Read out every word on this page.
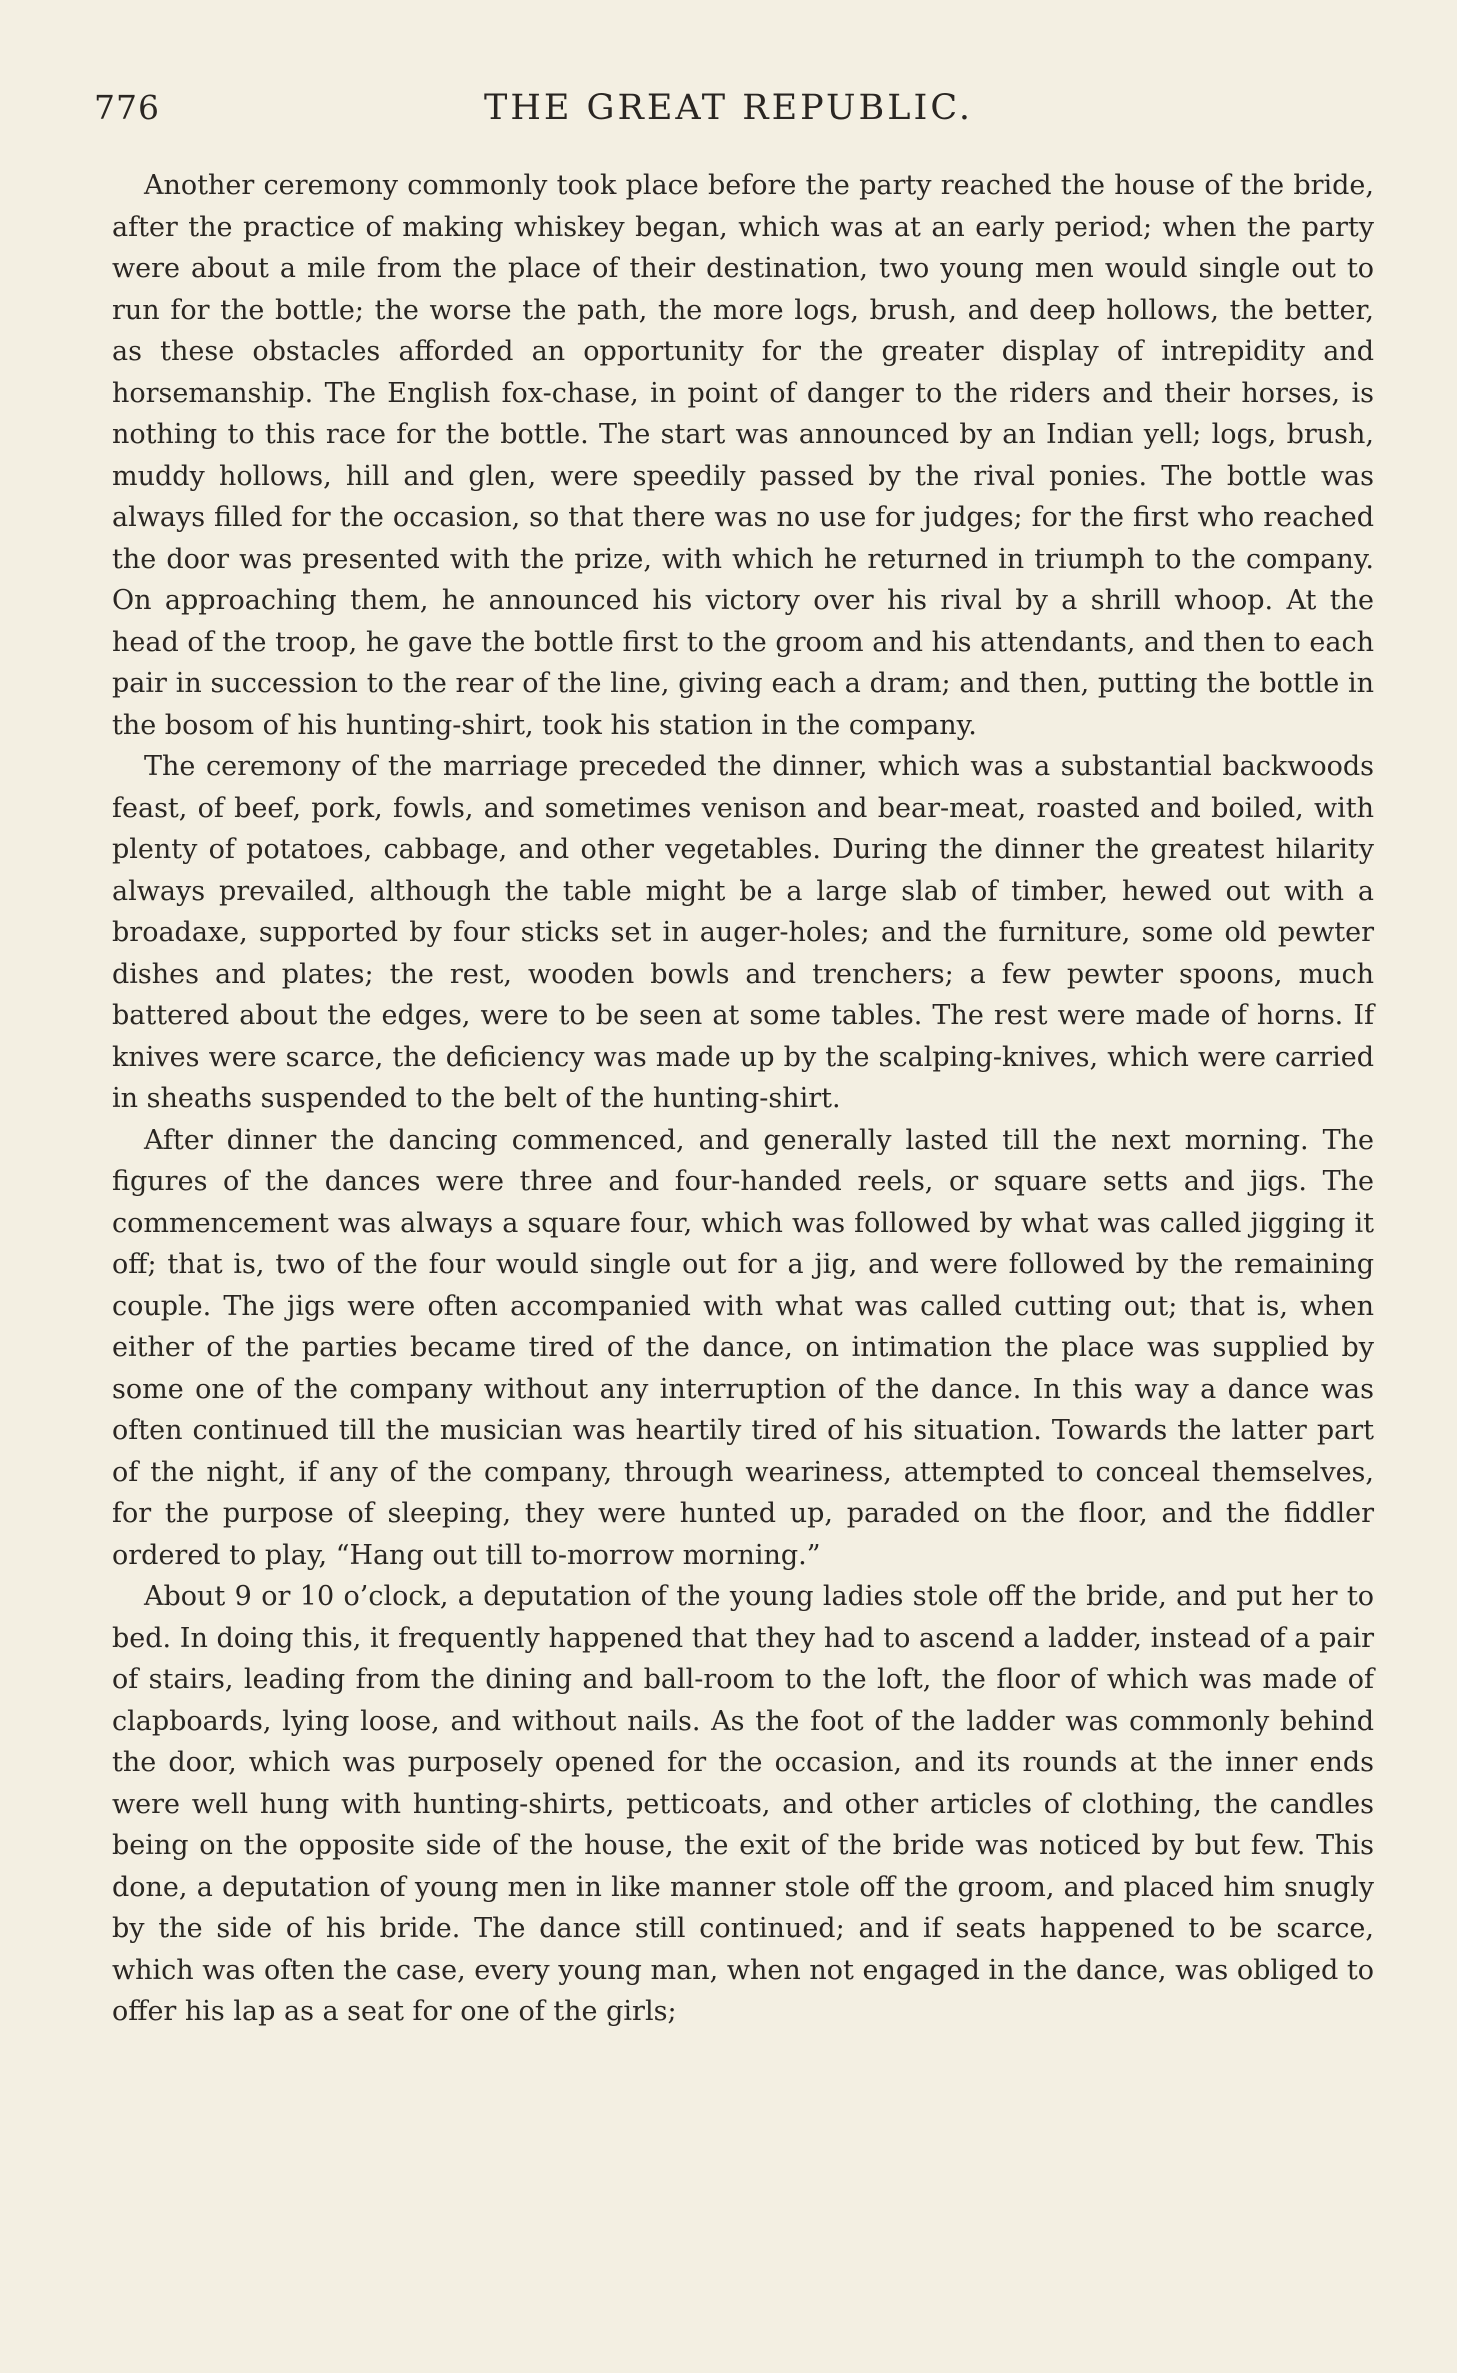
776	THE GREAT REPUBLIC.

Another ceremony commonly took place before the party reached the house of the bride, after the practice of making whiskey began, which was at an early period; when the party were about a mile from the place of their destination, two young men would single out to run for the bottle; the worse the path, the more logs, brush, and deep hollows, the better, as these obstacles afforded an opportunity for the greater display of intrepidity and horsemanship. The English fox-chase, in point of danger to the riders and their horses, is nothing to this race for the bottle. The start was announced by an Indian yell; logs, brush, muddy hollows, hill and glen, were speedily passed by the rival ponies. The bottle was always filled for the occasion, so that there was no use for judges; for the first who reached the door was presented with the prize, with which he returned in triumph to the company. On approaching them, he announced his victory over his rival by a shrill whoop. At the head of the troop, he gave the bottle first to the groom and his attendants, and then to each pair in succession to the rear of the line, giving each a dram; and then, putting the bottle in the bosom of his hunting-shirt, took his station in the company.

The ceremony of the marriage preceded the dinner, which was a substantial backwoods feast, of beef, pork, fowls, and sometimes venison and bear-meat, roasted and boiled, with plenty of potatoes, cabbage, and other vegetables. During the dinner the greatest hilarity always prevailed, although the table might be a large slab of timber, hewed out with a broadaxe, supported by four sticks set in auger-holes; and the furniture, some old pewter dishes and plates; the rest, wooden bowls and trenchers; a few pewter spoons, much battered about the edges, were to be seen at some tables. The rest were made of horns. If knives were scarce, the deficiency was made up by the scalping-knives, which were carried in sheaths suspended to the belt of the hunting-shirt.

After dinner the dancing commenced, and generally lasted till the next morning. The figures of the dances were three and four-handed reels, or square setts and jigs. The commencement was always a square four, which was followed by what was called jigging it off; that is, two of the four would single out for a jig, and were followed by the remaining couple. The jigs were often accompanied with what was called cutting out; that is, when either of the parties became tired of the dance, on intimation the place was supplied by some one of the company without any interruption of the dance. In this way a dance was often continued till the musician was heartily tired of his situation. Towards the latter part of the night, if any of the company, through weariness, attempted to conceal themselves, for the purpose of sleeping, they were hunted up, paraded on the floor, and the fiddler ordered to play, “Hang out till to-morrow morning.”

About 9 or 10 o’clock, a deputation of the young ladies stole off the bride, and put her to bed. In doing this, it frequently happened that they had to ascend a ladder, instead of a pair of stairs, leading from the dining and ball-room to the loft, the floor of which was made of clapboards, lying loose, and without nails. As the foot of the ladder was commonly behind the door, which was purposely opened for the occasion, and its rounds at the inner ends were well hung with hunting-shirts, petticoats, and other articles of clothing, the candles being on the opposite side of the house, the exit of the bride was noticed by but few. This done, a deputation of young men in like manner stole off the groom, and placed him snugly by the side of his bride. The dance still continued; and if seats happened to be scarce, which was often the case, every young man, when not engaged in the dance, was obliged to offer his lap as a seat for one of the girls;
